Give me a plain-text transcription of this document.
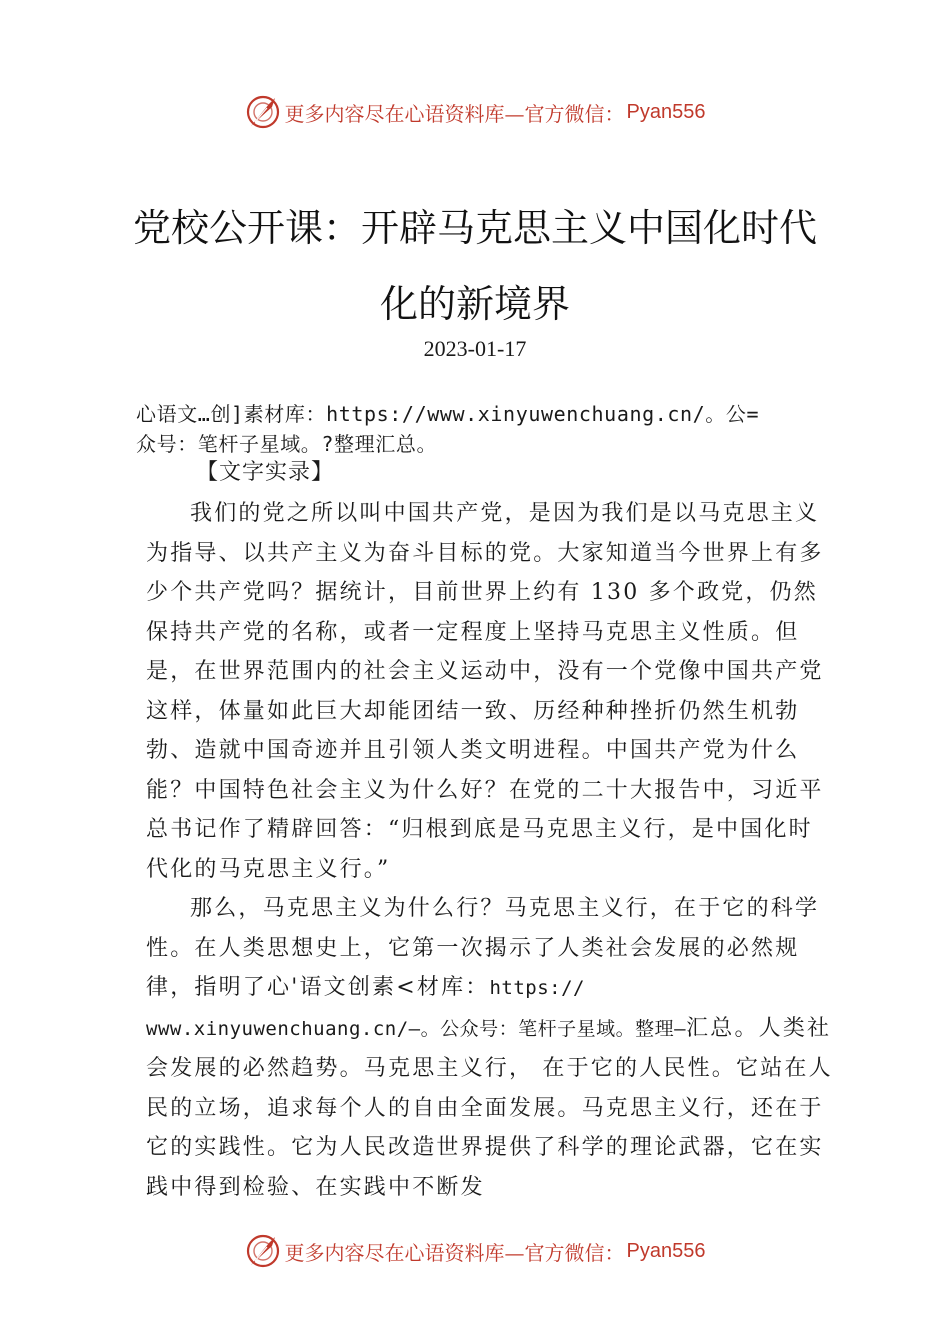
更多内容尽在心语资料库—官方微信： Pyan556
党校公开课：开辟马克思主义中国化时代
化的新境界
2023-01-17
心语文…创]素材库：https://www.xinyuwenchuang.cn/。公=
众号：笔杆子星域。?整理汇总。
【文字实录】

我们的党之所以叫中国共产党，是因为我们是以马克思主义为指导、以共产主义为奋斗目标的党。大家知道当今世界上有多少个共产党吗？据统计，目前世界上约有 130 多个政党，仍然保持共产党的名称，或者一定程度上坚持马克思主义性质。但是，在世界范围内的社会主义运动中，没有一个党像中国共产党这样，体量如此巨大却能团结一致、历经种种挫折仍然生机勃勃、造就中国奇迹并且引领人类文明进程。中国共产党为什么能？中国特色社会主义为什么好？在党的二十大报告中，习近平总书记作了精辟回答：“归根到底是马克思主义行，是中国化时代化的马克思主义行。”

那么，马克思主义为什么行？马克思主义行，在于它的科学性。在人类思想史上，它第一次揭示了人类社会发展的必然规律，指明了心'语文创素<材库：https:// www.xinyuwenchuang.cn/—。公众号：笔杆子星域。整理—汇总。人类社会发展的必然趋势。马克思主义行， 在于它的人民性。它站在人民的立场，追求每个人的自由全面发展。马克思主义行，还在于它的实践性。它为人民改造世界提供了科学的理论武器，它在实践中得到检验、在实践中不断发

更多内容尽在心语资料库—官方微信： Pyan556
